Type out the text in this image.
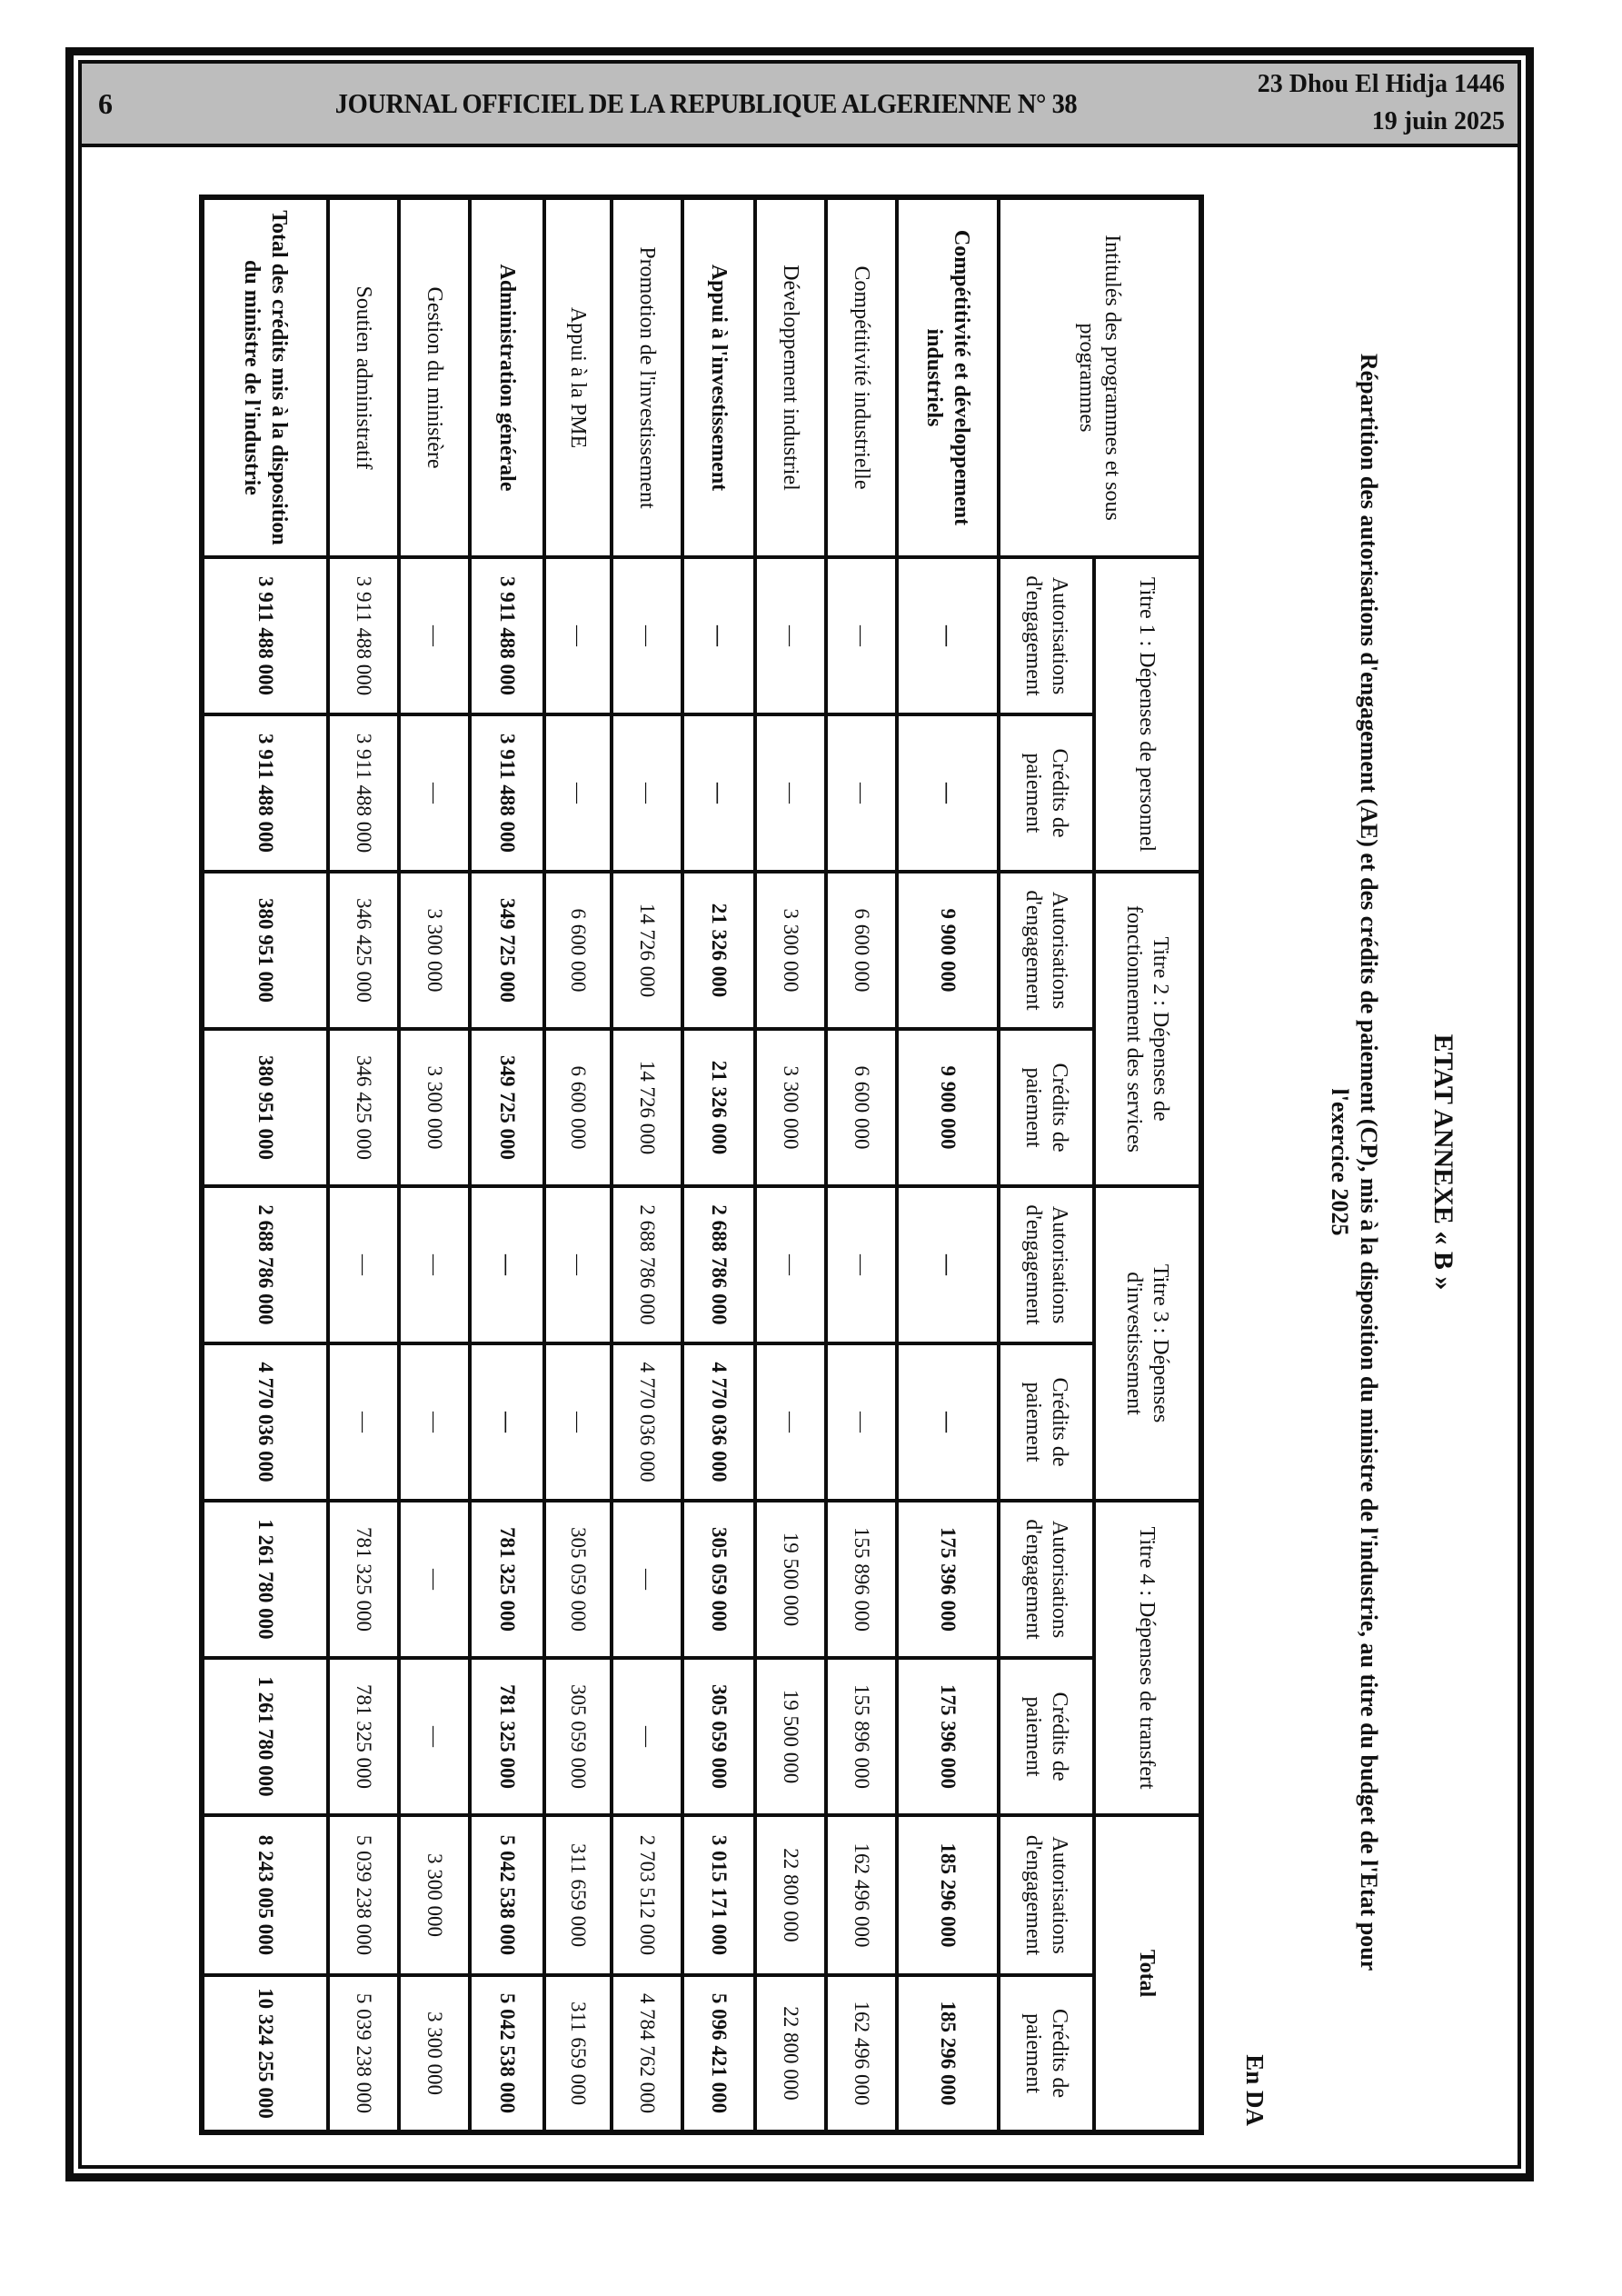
6	JOURNAL OFFICIEL DE LA REPUBLIQUE ALGERIENNE N° 38
23 Dhou El Hidja 1446
19 juin 2025
ETAT ANNEXE « B »
Répartition des autorisations d'engagement (AE) et des crédits de paiement (CP), mis à la disposition du ministre de l'industrie, au titre du budget de l'Etat pour
l'exercice 2025
En DA
Intitulés des programmes et sous programmes	Titre 1 : Dépenses de personnel		Titre 2 : Dépenses de fonctionnement des services		Titre 3 : Dépenses d'investissement		Titre 4 : Dépenses de transfert		Total	
	Autorisations d'engagement	Crédits de paiement	Autorisations d'engagement	Crédits de paiement	Autorisations d'engagement	Crédits de paiement	Autorisations d'engagement	Crédits de paiement	Autorisations d'engagement	Crédits de paiement
Compétitivité et développement industriels	—	—	9 900 000	9 900 000	—	—	175 396 000	175 396 000	185 296 000	185 296 000
Compétitivité industrielle	—	—	6 600 000	6 600 000	—	—	155 896 000	155 896 000	162 496 000	162 496 000
Développement industriel	—	—	3 300 000	3 300 000	—	—	19 500 000	19 500 000	22 800 000	22 800 000
Appui à l'investissement	—	—	21 326 000	21 326 000	2 688 786 000	4 770 036 000	305 059 000	305 059 000	3 015 171 000	5 096 421 000
Promotion de l'investissement	—	—	14 726 000	14 726 000	2 688 786 000	4 770 036 000	—	—	2 703 512 000	4 784 762 000
Appui à la PME	—	—	6 600 000	6 600 000	—	—	305 059 000	305 059 000	311 659 000	311 659 000
Administration générale	3 911 488 000	3 911 488 000	349 725 000	349 725 000	—	—	781 325 000	781 325 000	5 042 538 000	5 042 538 000
Gestion du ministère	—	—	3 300 000	3 300 000	—	—	—	—	3 300 000	3 300 000
Soutien administratif	3 911 488 000	3 911 488 000	346 425 000	346 425 000	—	—	781 325 000	781 325 000	5 039 238 000	5 039 238 000
Total des crédits mis à la disposition du ministre de l'industrie	3 911 488 000	3 911 488 000	380 951 000	380 951 000	2 688 786 000	4 770 036 000	1 261 780 000	1 261 780 000	8 243 005 000	10 324 255 000
